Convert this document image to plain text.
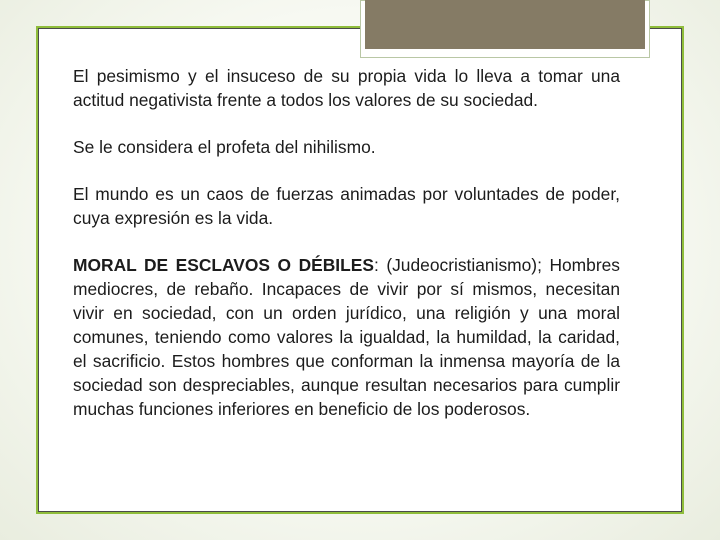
El pesimismo y el insuceso de su propia vida lo lleva a tomar una actitud negativista frente a todos los valores de su sociedad.

Se le considera el profeta del nihilismo.

El mundo es un caos de fuerzas animadas por voluntades de poder, cuya expresión es la vida.

MORAL DE ESCLAVOS O DÉBILES: (Judeocristianismo); Hombres mediocres, de rebaño. Incapaces de vivir por sí mismos, necesitan vivir en sociedad, con un orden jurídico, una religión y una moral comunes, teniendo como valores la igualdad, la humildad, la caridad, el sacrificio. Estos hombres que conforman la inmensa mayoría de la sociedad son despreciables, aunque resultan necesarios para cumplir muchas funciones inferiores en beneficio de los poderosos.
